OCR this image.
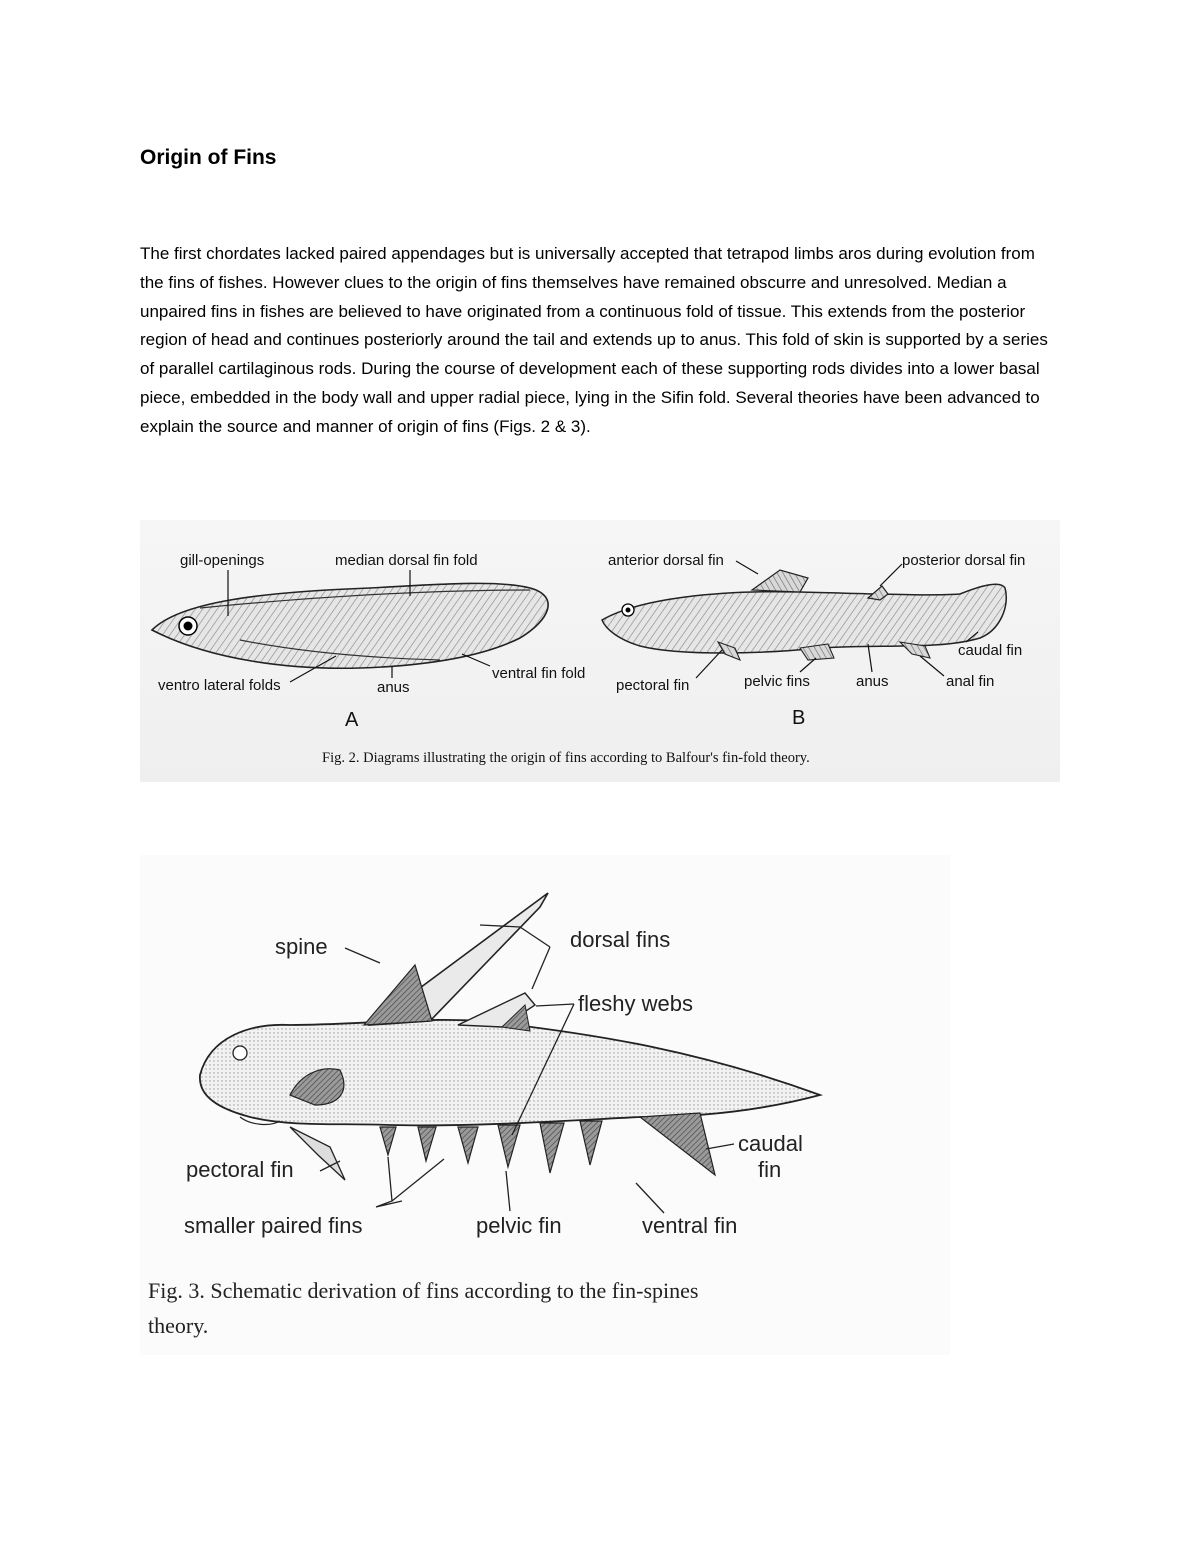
Origin of Fins

The first chordates lacked paired appendages but is universally accepted that tetrapod limbs aros during evolution from the fins of fishes. However clues to the origin of fins themselves have remained obscurre and unresolved. Median a unpaired fins in fishes are believed to have originated from a continuous fold of tissue. This extends from the posterior region of head and continues posteriorly around the tail and extends up to anus. This fold of skin is supported by a series of parallel cartilaginous rods. During the course of development each of these supporting rods divides into a lower basal piece, embedded in the body wall and upper radial piece, lying in the Sifin fold. Several theories have been advanced to explain the source and manner of origin of fins (Figs. 2 & 3).

gill-openings	median dorsal fin fold
ventro lateral folds	anus
ventral fin fold
A
anterior dorsal fin	posterior dorsal fin
caudal fin
pectoral fin	pelvic fins	anus	anal fin
B
Fig. 2. Diagrams illustrating the origin of fins according to Balfour's fin-fold theory.
spine	dorsal fins
fleshy webs
caudal
fin
pectoral fin
smaller paired fins	pelvic fin	ventral fin
Fig. 3. Schematic derivation of fins according to the fin-spines
theory.
